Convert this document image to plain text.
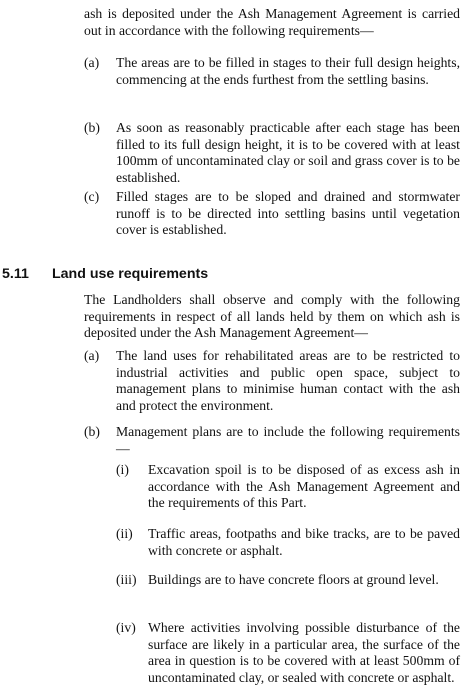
ash is deposited under the Ash Management Agreement is carried out in accordance with the following requirements—

(a)	The areas are to be filled in stages to their full design heights, commencing at the ends furthest from the settling basins.
(b)	As soon as reasonably practicable after each stage has been filled to its full design height, it is to be covered with at least 100mm of uncontaminated clay or soil and grass cover is to be established.
(c)	Filled stages are to be sloped and drained and stormwater runoff is to be directed into settling basins until vegetation cover is established.
5.11	Land use requirements

The Landholders shall observe and comply with the following requirements in respect of all lands held by them on which ash is deposited under the Ash Management Agreement—

(a)	The land uses for rehabilitated areas are to be restricted to industrial activities and public open space, subject to management plans to minimise human contact with the ash and protect the environment.
(b)	Management plans are to include the following requirements—
(i)	Excavation spoil is to be disposed of as excess ash in accordance with the Ash Management Agreement and the requirements of this Part.
(ii)	Traffic areas, footpaths and bike tracks, are to be paved with concrete or asphalt.
(iii) Buildings are to have concrete floors at ground level.
(iv) Where activities involving possible disturbance of the surface are likely in a particular area, the surface of the area in question is to be covered with at least 500mm of uncontaminated clay, or sealed with concrete or asphalt.
